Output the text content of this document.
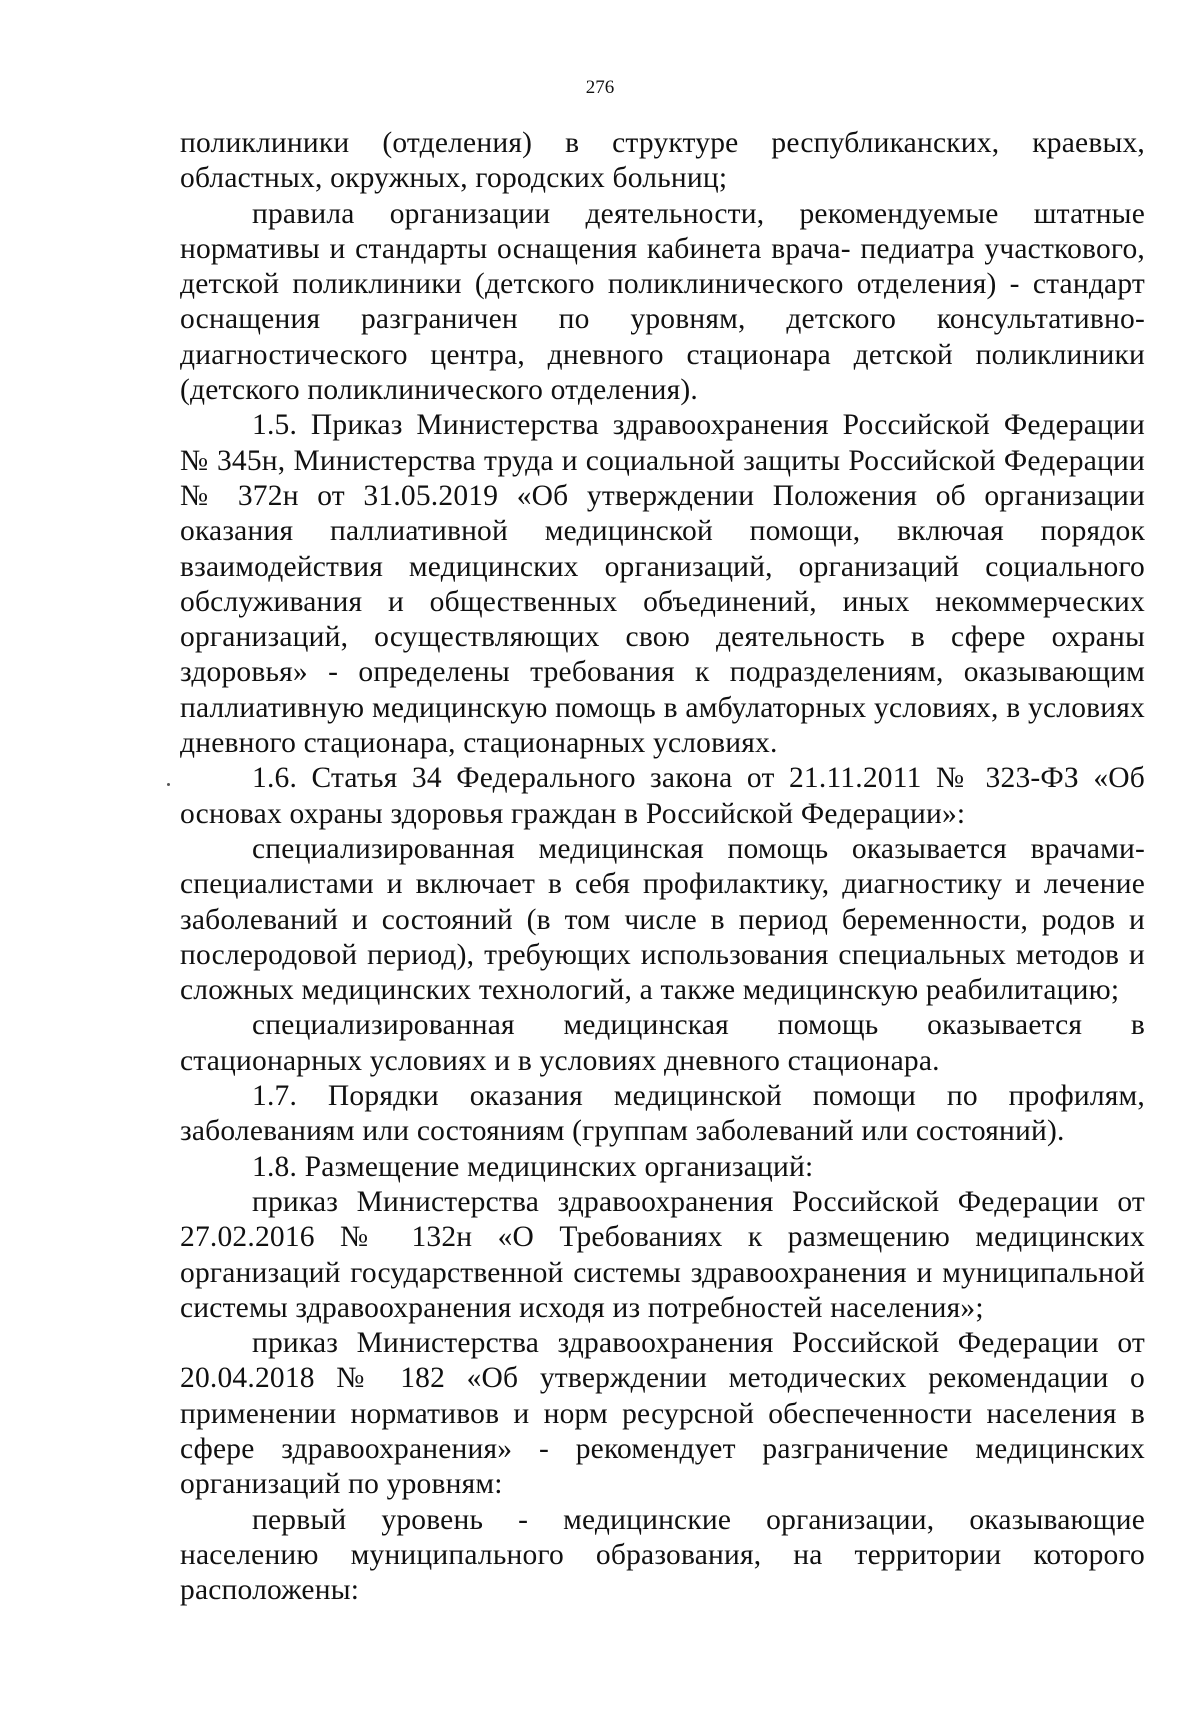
276

поликлиники (отделения) в структуре республиканских, краевых, областных, окружных, городских больниц;

правила организации деятельности, рекомендуемые штатные нормативы и стандарты оснащения кабинета врача- педиатра участкового, детской поликлиники (детского поликлинического отделения) - стандарт оснащения разграничен по уровням, детского консультативно-диагностического центра, дневного стационара детской поликлиники (детского поликлинического отделения).

1.5. Приказ Министерства здравоохранения Российской Федерации № 345н, Министерства труда и социальной защиты Российской Федерации № 372н от 31.05.2019 «Об утверждении Положения об организации оказания паллиативной медицинской помощи, включая порядок взаимодействия медицинских организаций, организаций социального обслуживания и общественных объединений, иных некоммерческих организаций, осуществляющих свою деятельность в сфере охраны здоровья» - определены требования к подразделениям, оказывающим паллиативную медицинскую помощь в амбулаторных условиях, в условиях дневного стационара, стационарных условиях.

1.6. Статья 34 Федерального закона от 21.11.2011 № 323-ФЗ «Об основах охраны здоровья граждан в Российской Федерации»:

специализированная медицинская помощь оказывается врачами-специалистами и включает в себя профилактику, диагностику и лечение заболеваний и состояний (в том числе в период беременности, родов и послеродовой период), требующих использования специальных методов и сложных медицинских технологий, а также медицинскую реабилитацию;

специализированная медицинская помощь оказывается в стационарных условиях и в условиях дневного стационара.

1.7. Порядки оказания медицинской помощи по профилям, заболеваниям или состояниям (группам заболеваний или состояний).

1.8. Размещение медицинских организаций:

приказ Министерства здравоохранения Российской Федерации от 27.02.2016 № 132н «О Требованиях к размещению медицинских организаций государственной системы здравоохранения и муниципальной системы здравоохранения исходя из потребностей населения»;

приказ Министерства здравоохранения Российской Федерации от 20.04.2018 № 182 «Об утверждении методических рекомендации о применении нормативов и норм ресурсной обеспеченности населения в сфере здравоохранения» - рекомендует разграничение медицинских организаций по уровням:

первый уровень - медицинские организации, оказывающие населению муниципального образования, на территории которого расположены:
